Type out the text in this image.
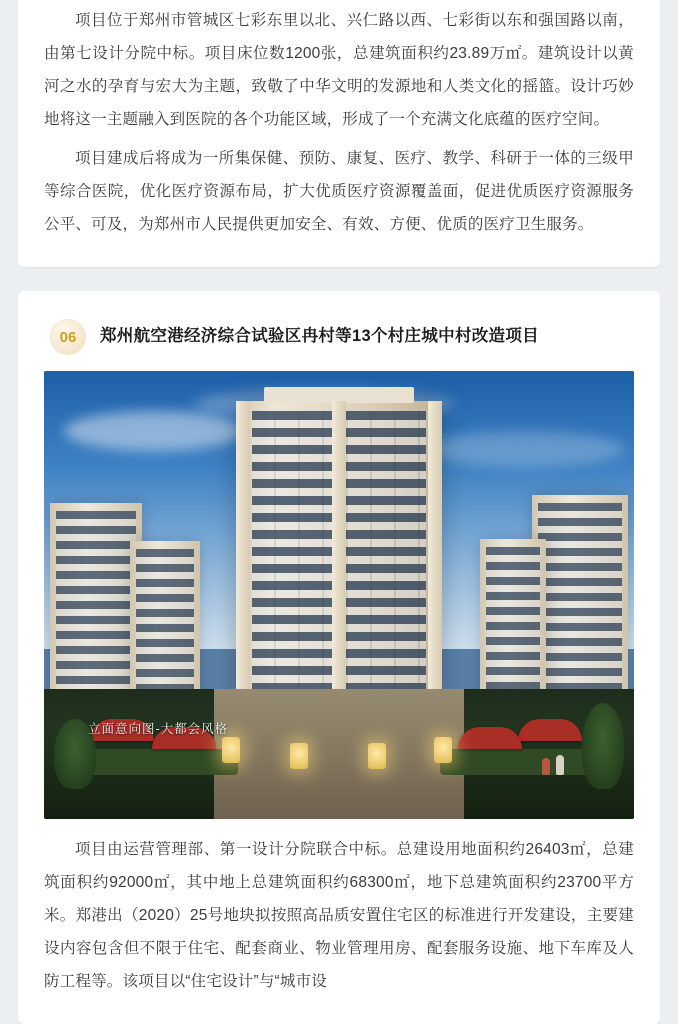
项目位于郑州市管城区七彩东里以北、兴仁路以西、七彩街以东和强国路以南，由第七设计分院中标。项目床位数1200张，总建筑面积约23.89万㎡。建筑设计以黄河之水的孕育与宏大为主题，致敬了中华文明的发源地和人类文化的摇篮。设计巧妙地将这一主题融入到医院的各个功能区域，形成了一个充满文化底蕴的医疗空间。

项目建成后将成为一所集保健、预防、康复、医疗、教学、科研于一体的三级甲等综合医院，优化医疗资源布局，扩大优质医疗资源覆盖面，促进优质医疗资源服务公平、可及，为郑州市人民提供更加安全、有效、方便、优质的医疗卫生服务。

06	郑州航空港经济综合试验区冉村等13个村庄城中村改造项目
立面意向图-大都会风格

项目由运营管理部、第一设计分院联合中标。总建设用地面积约26403㎡，总建筑面积约92000㎡，其中地上总建筑面积约68300㎡，地下总建筑面积约23700平方米。郑港出（2020）25号地块拟按照高品质安置住宅区的标准进行开发建设，主要建设内容包含但不限于住宅、配套商业、物业管理用房、配套服务设施、地下车库及人防工程等。该项目以“住宅设计”与“城市设
